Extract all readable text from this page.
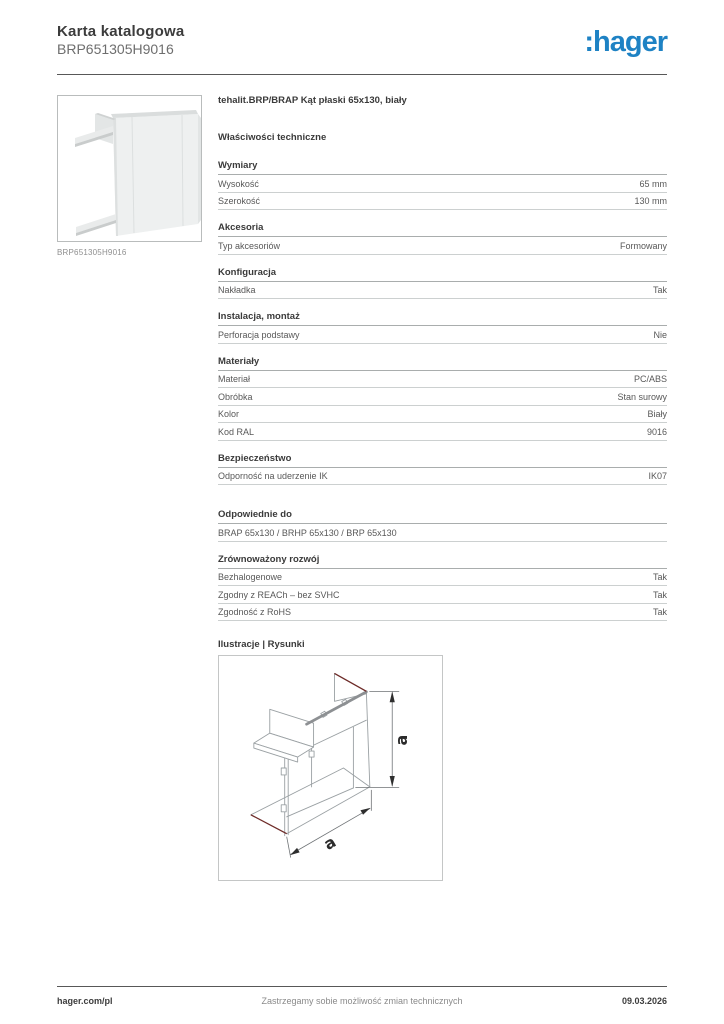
Karta katalogowa
BRP651305H9016	:hager
BRP651305H9016
tehalit.BRP/BRAP Kąt płaski 65x130, biały
Właściwości techniczne
Wymiary
Wysokość	65 mm
Szerokość	130 mm
Akcesoria
Typ akcesoriów	Formowany
Konfiguracja
Nakładka	Tak
Instalacja, montaż
Perforacja podstawy	Nie
Materiały
Materiał	PC/ABS
Obróbka	Stan surowy
Kolor	Biały
Kod RAL	9016
Bezpieczeństwo
Odporność na uderzenie IK	IK07
Odpowiednie do
BRAP 65x130 / BRHP 65x130 / BRP 65x130
Zrównoważony rozwój
Bezhalogenowe	Tak
Zgodny z REACh – bez SVHC	Tak
Zgodność z RoHS	Tak
Ilustracje | Rysunki
a
a
hager.com/pl	Zastrzegamy sobie możliwość zmian technicznych	09.03.2026
